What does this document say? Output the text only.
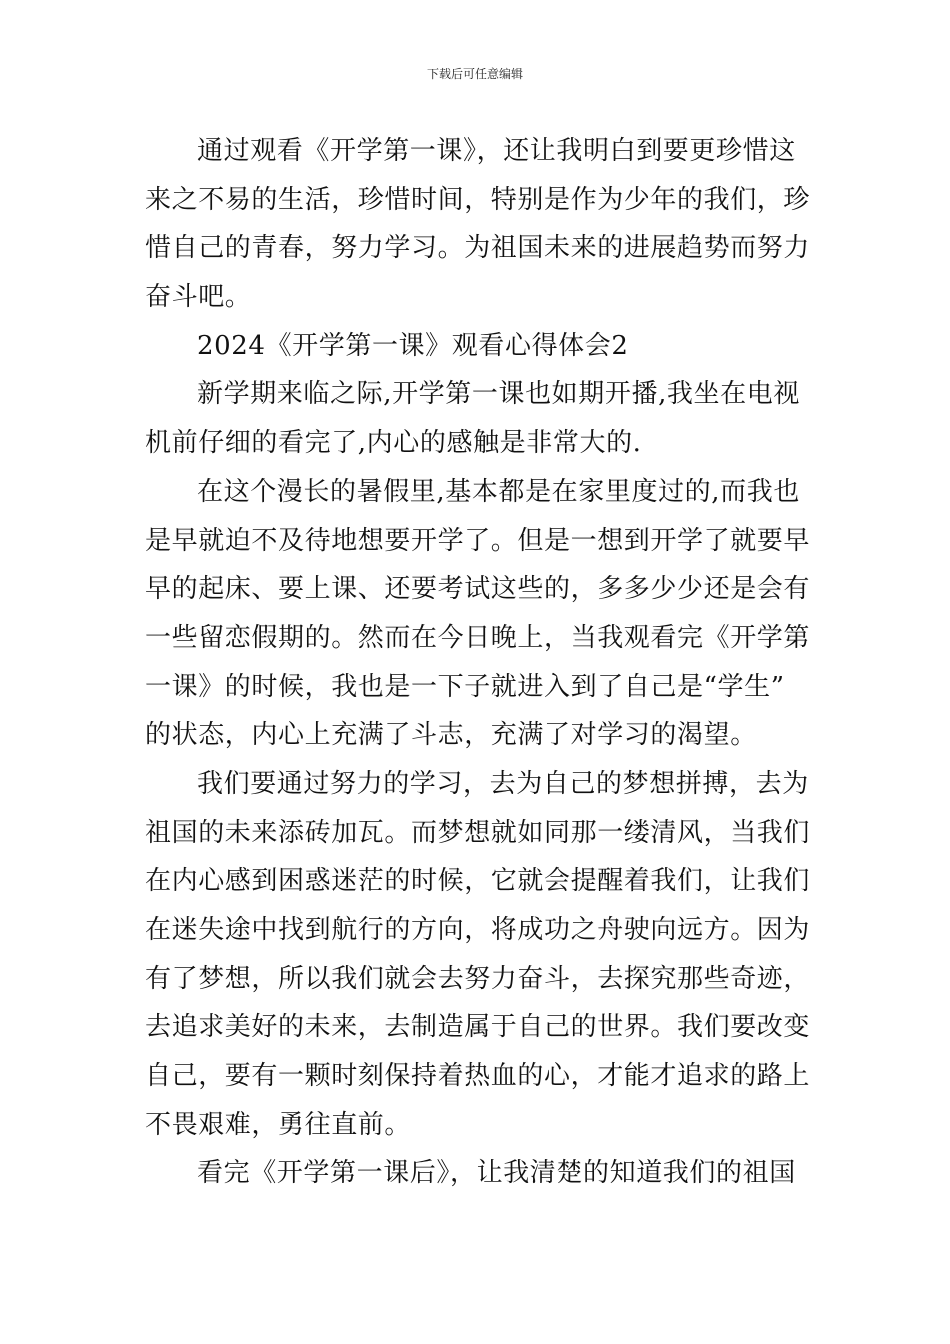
下载后可任意编辑
通过观看《开学第一课》，还让我明白到要更珍惜这
来之不易的生活，珍惜时间，特别是作为少年的我们，珍
惜自己的青春，努力学习。为祖国未来的进展趋势而努力
奋斗吧。
2024《开学第一课》观看心得体会2
新学期来临之际,开学第一课也如期开播,我坐在电视
机前仔细的看完了,内心的感触是非常大的.
在这个漫长的暑假里,基本都是在家里度过的,而我也
是早就迫不及待地想要开学了。但是一想到开学了就要早
早的起床、要上课、还要考试这些的，多多少少还是会有
一些留恋假期的。然而在今日晚上，当我观看完《开学第
一课》的时候，我也是一下子就进入到了自己是“学生”
的状态，内心上充满了斗志，充满了对学习的渴望。
我们要通过努力的学习，去为自己的梦想拼搏，去为
祖国的未来添砖加瓦。而梦想就如同那一缕清风，当我们
在内心感到困惑迷茫的时候，它就会提醒着我们，让我们
在迷失途中找到航行的方向，将成功之舟驶向远方。因为
有了梦想，所以我们就会去努力奋斗，去探究那些奇迹，
去追求美好的未来，去制造属于自己的世界。我们要改变
自己，要有一颗时刻保持着热血的心，才能才追求的路上
不畏艰难，勇往直前。
看完《开学第一课后》，让我清楚的知道我们的祖国
